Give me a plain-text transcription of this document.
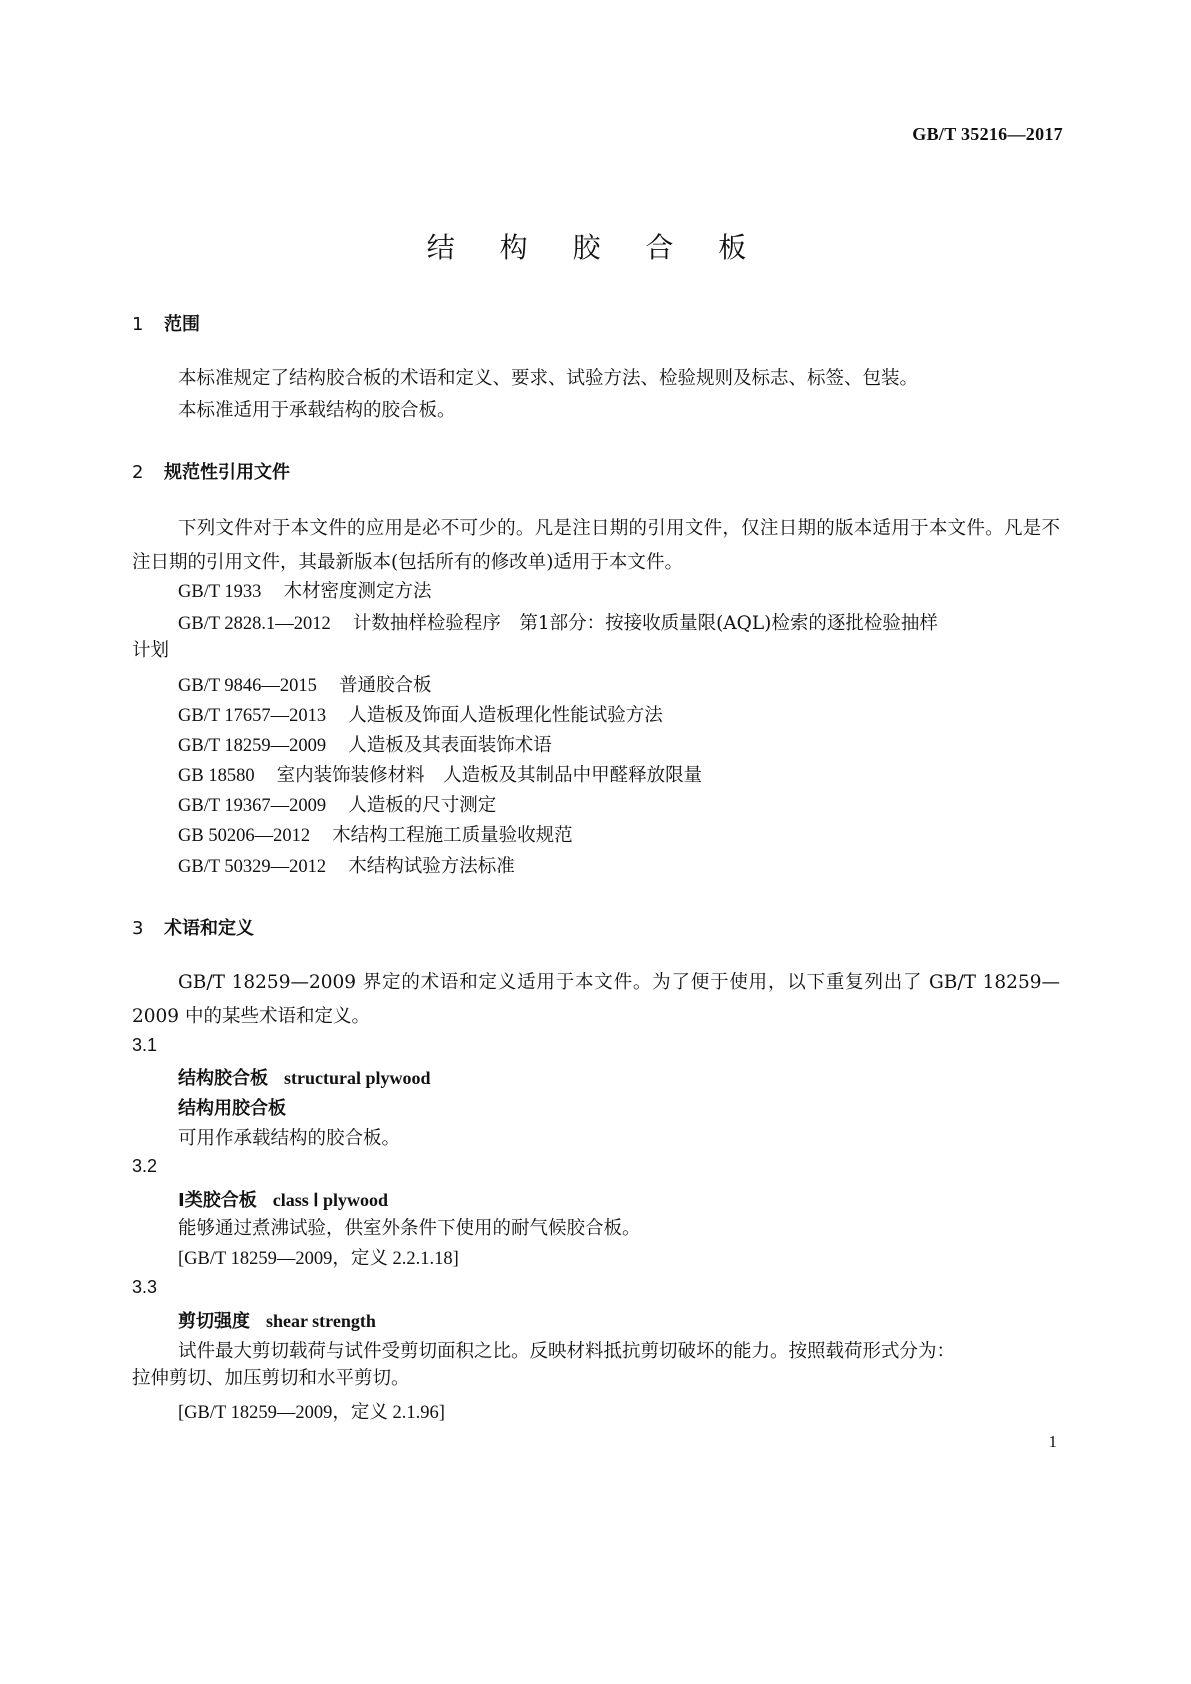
GB/T 35216—2017
结 构 胶 合 板
1 范围
本标准规定了结构胶合板的术语和定义、要求、试验方法、检验规则及标志、标签、包装。
本标准适用于承载结构的胶合板。
2 规范性引用文件
下列文件对于本文件的应用是必不可少的。凡是注日期的引用文件，仅注日期的版本适用于本文件。凡是不注日期的引用文件，其最新版本(包括所有的修改单)适用于本文件。
GB/T 1933 木材密度测定方法
GB/T 2828.1—2012 计数抽样检验程序　第1部分：按接收质量限(AQL)检索的逐批检验抽样
计划
GB/T 9846—2015 普通胶合板
GB/T 17657—2013 人造板及饰面人造板理化性能试验方法
GB/T 18259—2009 人造板及其表面装饰术语
GB 18580 室内装饰装修材料　人造板及其制品中甲醛释放限量
GB/T 19367—2009 人造板的尺寸测定
GB 50206—2012 木结构工程施工质量验收规范
GB/T 50329—2012 木结构试验方法标准
3 术语和定义
GB/T 18259—2009 界定的术语和定义适用于本文件。为了便于使用，以下重复列出了 GB/T 18259—2009 中的某些术语和定义。
3.1
结构胶合板 structural plywood
结构用胶合板
可用作承载结构的胶合板。
3.2
Ⅰ类胶合板 class Ⅰ plywood
能够通过煮沸试验，供室外条件下使用的耐气候胶合板。
[GB/T 18259—2009，定义 2.2.1.18]
3.3
剪切强度 shear strength
试件最大剪切载荷与试件受剪切面积之比。反映材料抵抗剪切破坏的能力。按照载荷形式分为：
拉伸剪切、加压剪切和水平剪切。
[GB/T 18259—2009，定义 2.1.96]
1
